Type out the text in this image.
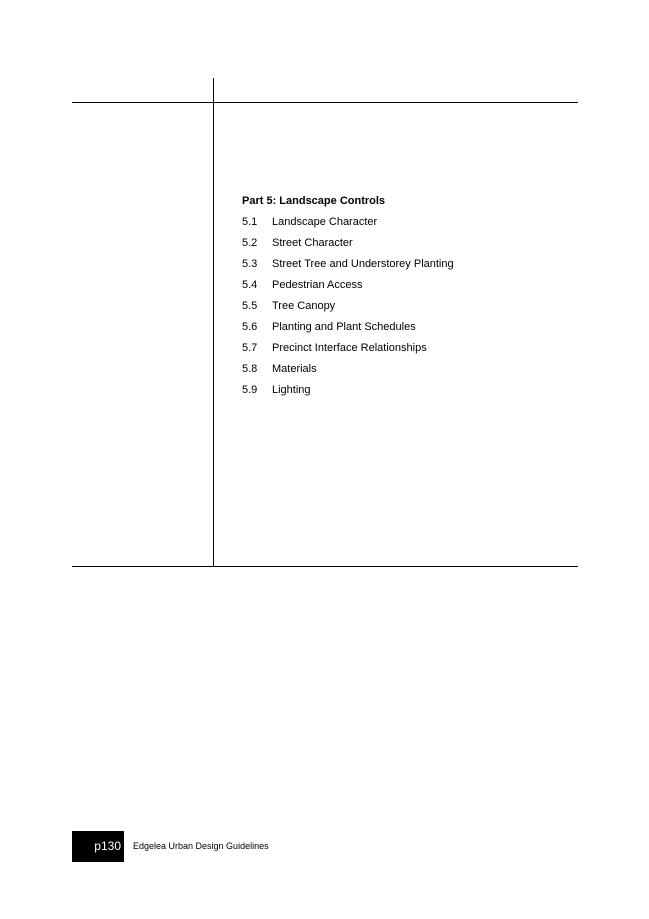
Part 5: Landscape Controls
5.1 Landscape Character
5.2 Street Character
5.3 Street Tree and Understorey Planting
5.4 Pedestrian Access
5.5 Tree Canopy
5.6 Planting and Plant Schedules
5.7 Precinct Interface Relationships
5.8 Materials
5.9 Lighting
p130	Edgelea Urban Design Guidelines
